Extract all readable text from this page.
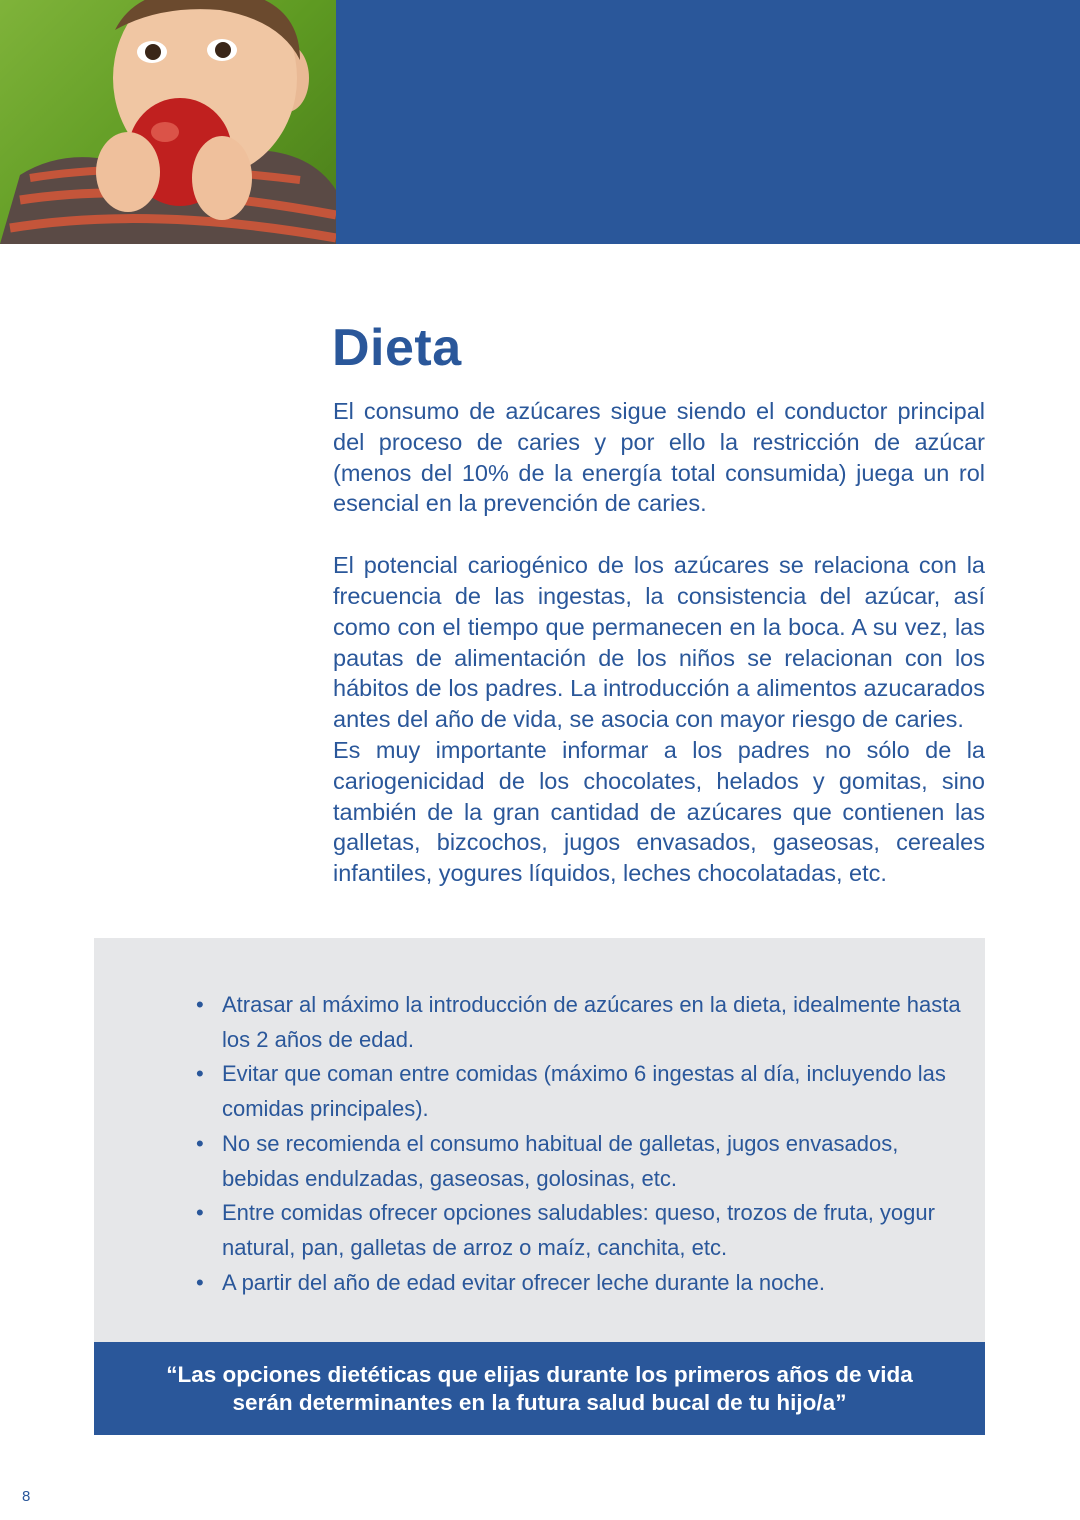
Dieta

El consumo de azúcares sigue siendo el conductor principal del proceso de caries y por ello la restricción de azúcar (menos del 10% de la energía total consumida) juega un rol esencial en la prevención de caries.

El potencial cariogénico de los azúcares se relaciona con la frecuencia de las ingestas, la consistencia del azúcar, así como con el tiempo que permanecen en la boca. A su vez, las pautas de alimentación de los niños se relacionan con los hábitos de los padres. La introducción a alimentos azucarados antes del año de vida, se asocia con mayor riesgo de caries.

Es muy importante informar a los padres no sólo de la cariogenicidad de los chocolates, helados y gomitas, sino también de la gran cantidad de azúcares que contienen las galletas, bizcochos, jugos envasados, gaseosas, cereales infantiles, yogures líquidos, leches chocolatadas, etc.

• Atrasar al máximo la introducción de azúcares en la dieta, idealmente hasta los 2 años de edad.
• Evitar que coman entre comidas (máximo 6 ingestas al día, incluyendo las comidas principales).
• No se recomienda el consumo habitual de galletas, jugos envasados, bebidas endulzadas, gaseosas, golosinas, etc.
• Entre comidas ofrecer opciones saludables: queso, trozos de fruta, yogur natural, pan, galletas de arroz o maíz, canchita, etc.
• A partir del año de edad evitar ofrecer leche durante la noche.
“Las opciones dietéticas que elijas durante los primeros años de vida
serán determinantes en la futura salud bucal de tu hijo/a”
8
